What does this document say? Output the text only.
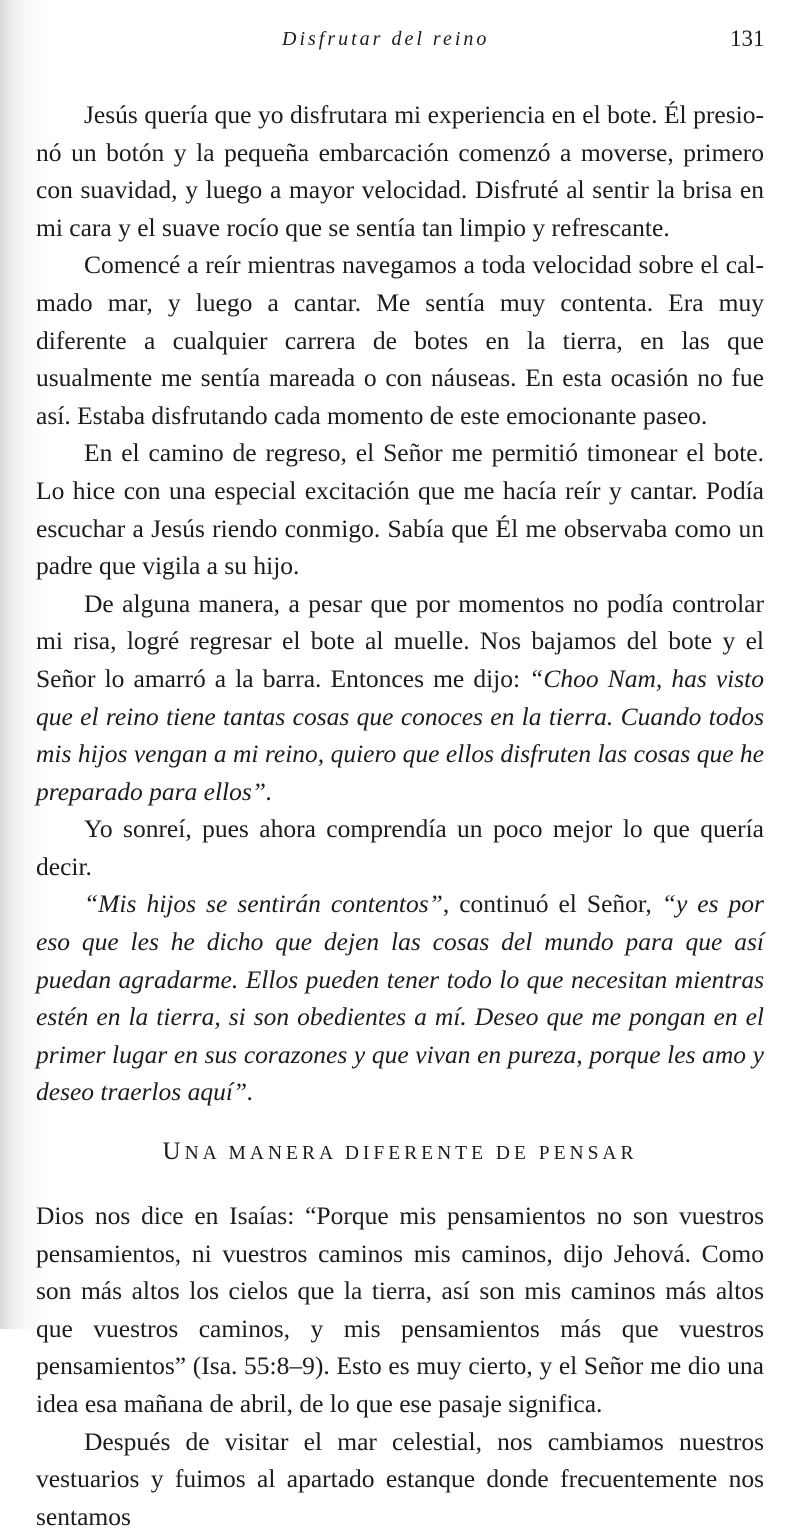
Disfrutar del reino	131

Jesús quería que yo disfrutara mi experiencia en el bote. Él presionó un botón y la pequeña embarcación comenzó a moverse, primero con suavidad, y luego a mayor velocidad. Disfruté al sentir la brisa en mi cara y el suave rocío que se sentía tan limpio y refrescante.

Comencé a reír mientras navegamos a toda velocidad sobre el calmado mar, y luego a cantar. Me sentía muy contenta. Era muy diferente a cualquier carrera de botes en la tierra, en las que usualmente me sentía mareada o con náuseas. En esta ocasión no fue así. Estaba disfrutando cada momento de este emocionante paseo.

En el camino de regreso, el Señor me permitió timonear el bote. Lo hice con una especial excitación que me hacía reír y cantar. Podía escuchar a Jesús riendo conmigo. Sabía que Él me observaba como un padre que vigila a su hijo.

De alguna manera, a pesar que por momentos no podía controlar mi risa, logré regresar el bote al muelle. Nos bajamos del bote y el Señor lo amarró a la barra. Entonces me dijo: “Choo Nam, has visto que el reino tiene tantas cosas que conoces en la tierra. Cuando todos mis hijos vengan a mi reino, quiero que ellos disfruten las cosas que he preparado para ellos”.

Yo sonreí, pues ahora comprendía un poco mejor lo que quería decir.

“Mis hijos se sentirán contentos”, continuó el Señor, “y es por eso que les he dicho que dejen las cosas del mundo para que así puedan agradarme. Ellos pueden tener todo lo que necesitan mientras estén en la tierra, si son obedientes a mí. Deseo que me pongan en el primer lugar en sus corazones y que vivan en pureza, porque les amo y deseo traerlos aquí”.

UNA MANERA DIFERENTE DE PENSAR

Dios nos dice en Isaías: “Porque mis pensamientos no son vuestros pensamientos, ni vuestros caminos mis caminos, dijo Jehová. Como son más altos los cielos que la tierra, así son mis caminos más altos que vuestros caminos, y mis pensamientos más que vuestros pensamientos” (Isa. 55:8–9). Esto es muy cierto, y el Señor me dio una idea esa mañana de abril, de lo que ese pasaje significa.

Después de visitar el mar celestial, nos cambiamos nuestros vestuarios y fuimos al apartado estanque donde frecuentemente nos sentamos
